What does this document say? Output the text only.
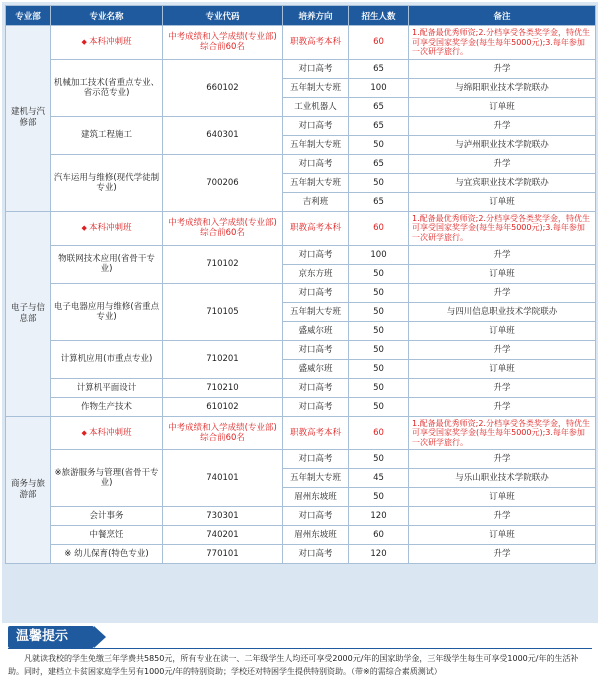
专业部	专业名称	专业代码	培养方向	招生人数	备注
建机与汽修部	◆ 本科冲刺班	中考成绩和入学成绩(专业部)综合前60名	职教高考本科	60	1.配备最优秀师资;2.分档享受各类奖学金，特优生可享受国家奖学金(每生每年5000元);3.每年参加一次研学旅行。
	机械加工技术(省重点专业、省示范专业)	660102	对口高考	65	升学
			五年制大专班	100	与绵阳职业技术学院联办
			工业机器人	65	订单班
	建筑工程施工	640301	对口高考	65	升学
			五年制大专班	50	与泸州职业技术学院联办
	汽车运用与维修(现代学徒制专业)	700206	对口高考	65	升学
			五年制大专班	50	与宜宾职业技术学院联办
			吉利班	65	订单班
电子与信息部	◆ 本科冲刺班	中考成绩和入学成绩(专业部)综合前60名	职教高考本科	60	1.配备最优秀师资;2.分档享受各类奖学金，特优生可享受国家奖学金(每生每年5000元);3.每年参加一次研学旅行。
	物联网技术应用(省骨干专业)	710102	对口高考	100	升学
			京东方班	50	订单班
	电子电器应用与维修(省重点专业)	710105	对口高考	50	升学
			五年制大专班	50	与四川信息职业技术学院联办
			盛威尔班	50	订单班
	计算机应用(市重点专业)	710201	对口高考	50	升学
			盛威尔班	50	订单班
	计算机平面设计	710210	对口高考	50	升学
	作物生产技术	610102	对口高考	50	升学
商务与旅游部	◆ 本科冲刺班	中考成绩和入学成绩(专业部)综合前60名	职教高考本科	60	1.配备最优秀师资;2.分档享受各类奖学金，特优生可享受国家奖学金(每生每年5000元);3.每年参加一次研学旅行。
	※旅游服务与管理(省骨干专业)	740101	对口高考	50	升学
			五年制大专班	45	与乐山职业技术学院联办
			眉州东坡班	50	订单班
	会计事务	730301	对口高考	120	升学
	中餐烹饪	740201	眉州东坡班	60	订单班
	※ 幼儿保育(特色专业)	770101	对口高考	120	升学
温馨提示
凡就读我校的学生免缴三年学费共5850元，所有专业在读一、二年级学生人均还可享受2000元/年的国家助学金，三年级学生每生可享受1000元/年的生活补助。同时，建档立卡贫困家庭学生另有1000元/年的特别资助；学校还对特困学生提供特别资助。（带※的需综合素质测试）
